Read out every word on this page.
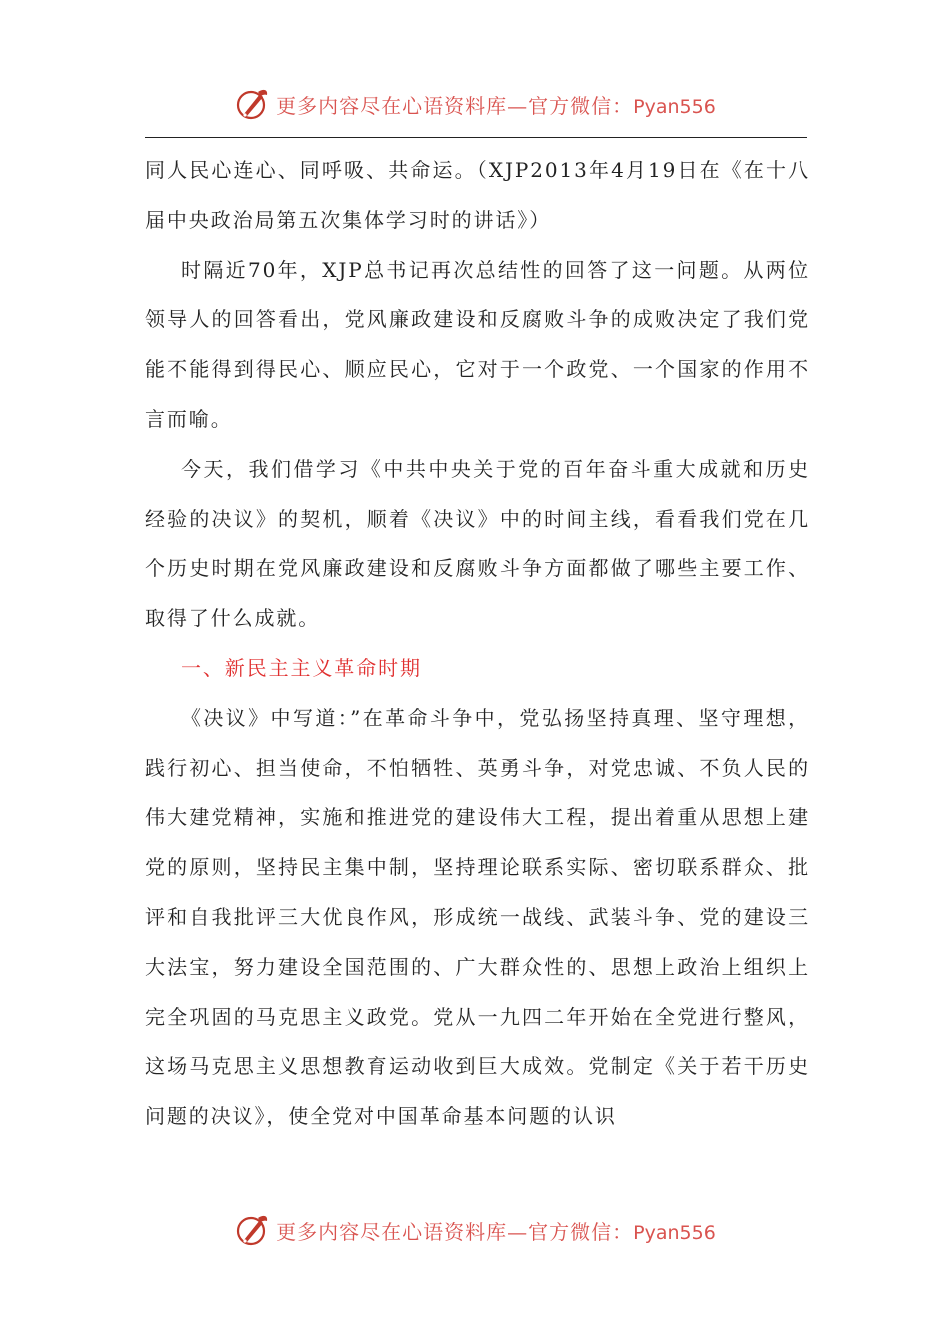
更多内容尽在心语资料库—官方微信：Pyan556

同人民心连心、同呼吸、共命运。（XJP2013年4月19日在《在十八届中央政治局第五次集体学习时的讲话》）

时隔近70年，XJP总书记再次总结性的回答了这一问题。从两位领导人的回答看出，党风廉政建设和反腐败斗争的成败决定了我们党能不能得到得民心、顺应民心，它对于一个政党、一个国家的作用不言而喻。

今天，我们借学习《中共中央关于党的百年奋斗重大成就和历史经验的决议》的契机，顺着《决议》中的时间主线，看看我们党在几个历史时期在党风廉政建设和反腐败斗争方面都做了哪些主要工作、取得了什么成就。

一、新民主主义革命时期

《决议》中写道：”在革命斗争中，党弘扬坚持真理、坚守理想，践行初心、担当使命，不怕牺牲、英勇斗争，对党忠诚、不负人民的伟大建党精神，实施和推进党的建设伟大工程，提出着重从思想上建党的原则，坚持民主集中制，坚持理论联系实际、密切联系群众、批评和自我批评三大优良作风，形成统一战线、武装斗争、党的建设三大法宝，努力建设全国范围的、广大群众性的、思想上政治上组织上完全巩固的马克思主义政党。党从一九四二年开始在全党进行整风，这场马克思主义思想教育运动收到巨大成效。党制定《关于若干历史问题的决议》，使全党对中国革命基本问题的认识

更多内容尽在心语资料库—官方微信：Pyan556
